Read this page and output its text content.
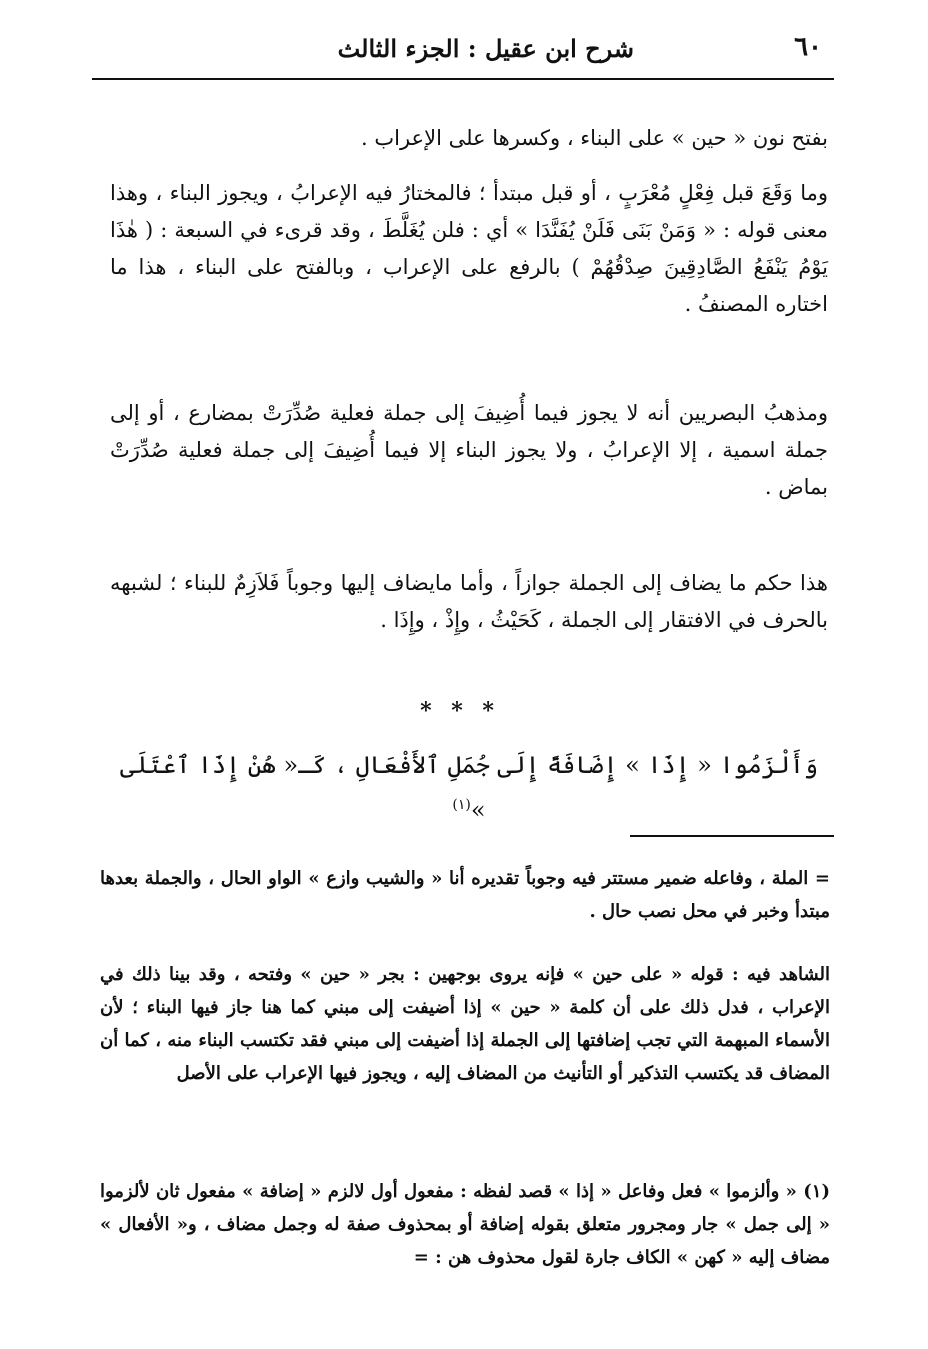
٦٠
شرح ابن عقيل : الجزء الثالث

بفتح نون « حين » على البناء ، وكسرها على الإعراب .

وما وَقَعَ قبل فِعْلٍ مُعْرَبٍ ، أو قبل مبتدأ ؛ فالمختارُ فيه الإعرابُ ، ويجوز البناء ، وهذا معنى قوله : « وَمَنْ بَنَى فَلَنْ يُفَنَّدَا » أي : فلن يُغَلَّطَ ، وقد قرىء في السبعة : ( هٰذَا يَوْمُ يَنْفَعُ الصَّادِقِينَ صِدْقُهُمْ ) بالرفع على الإعراب ، وبالفتح على البناء ، هذا ما اختاره المصنفُ .

ومذهبُ البصريين أنه لا يجوز فيما أُضِيفَ إلى جملة فعلية صُدِّرَتْ بمضارع ، أو إلى جملة اسمية ، إلا الإعرابُ ، ولا يجوز البناء إلا فيما أُضِيفَ إلى جملة فعلية صُدِّرَتْ بماض .

هذا حكم ما يضاف إلى الجملة جوازاً ، وأما مايضاف إليها وجوباً فَلاَزِمٌ للبناء ؛ لشبهه بالحرف في الافتقار إلى الجملة ، كَحَيْثُ ، وإِذْ ، وإِذَا .

* * *
وَأَلْزَمُوا « إِذَا » إِضَافَةً إِلَى جُمَلِ ٱلأَفْعَالِ ، كَـ« هُنْ إِذَا ٱعْتَلَى »$^{(١)}$

= الملة ، وفاعله ضمير مستتر فيه وجوباً تقديره أنا « والشيب وازع » الواو الحال ، والجملة بعدها مبتدأ وخبر في محل نصب حال .

الشاهد فيه : قوله « على حين » فإنه يروى بوجهين : بجر « حين » وفتحه ، وقد بينا ذلك في الإعراب ، فدل ذلك على أن كلمة « حين » إذا أضيفت إلى مبني كما هنا جاز فيها البناء ؛ لأن الأسماء المبهمة التي تجب إضافتها إلى الجملة إذا أضيفت إلى مبني فقد تكتسب البناء منه ، كما أن المضاف قد يكتسب التذكير أو التأنيث من المضاف إليه ، ويجوز فيها الإعراب على الأصل

(١) « وألزموا » فعل وفاعل « إذا » قصد لفظه : مفعول أول لالزم « إضافة » مفعول ثان لألزموا « إلى جمل » جار ومجرور متعلق بقوله إضافة أو بمحذوف صفة له وجمل مضاف ، و« الأفعال » مضاف إليه « كهن » الكاف جارة لقول محذوف هن : =
